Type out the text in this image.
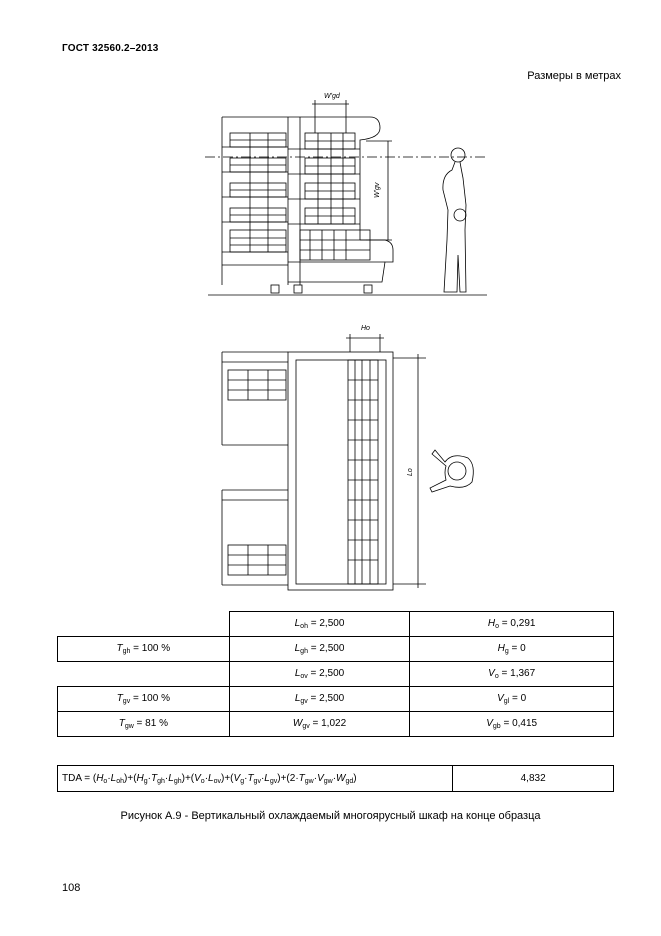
ГОСТ 32560.2–2013
Размеры в метрах
Wʹgd
Wʹgv
Ho
Lo
	$L_{oh} = 2,500$	$H_o = 0,291$
$T_{gh} = 100$ %	$L_{gh} = 2,500$	$H_g = 0$
	$L_{ov} = 2,500$	$V_o = 1,367$
$T_{gv} = 100$ %	$L_{gv} = 2,500$	$V_{gl} = 0$
$T_{gw} = 81$ %	$W_{gv} = 1,022$	$V_{gb} = 0,415$
TDA = $(H_o\cdot L_{oh})+(H_g\cdot T_{gh}\cdot L_{gh})+(V_o\cdot L_{ov})+(V_g\cdot T_{gv}\cdot L_{gv})+(2\cdot T_{gw}\cdot V_{gw}\cdot W_{gd})$	4,832
Рисунок А.9 - Вертикальный охлаждаемый многоярусный шкаф на конце образца
108
